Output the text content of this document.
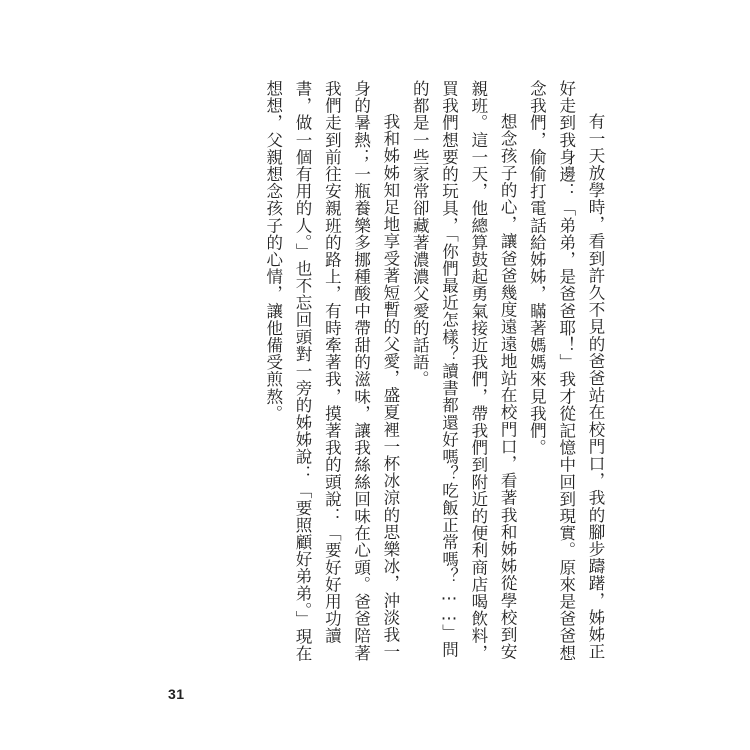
有一天放學時，看到許久不見的爸爸站在校門口，我的腳步躊躇，姊姊正好走到我身邊：「弟弟，是爸爸耶！」我才從記憶中回到現實。原來是爸爸想念我們，偷偷打電話給姊姊，瞞著媽媽來見我們。

想念孩子的心，讓爸爸幾度遠遠地站在校門口，看著我和姊姊從學校到安親班。這一天，他總算鼓起勇氣接近我們，帶我們到附近的便利商店喝飲料，買我們想要的玩具，「你們最近怎樣？讀書都還好嗎？吃飯正常嗎？……」問的都是一些家常卻藏著濃濃父愛的話語。

我和姊姊知足地享受著短暫的父愛，盛夏裡一杯冰涼的思樂冰，沖淡我一身的暑熱；一瓶養樂多挪種酸中帶甜的滋味，讓我絲絲回味在心頭。爸爸陪著我們走到前往安親班的路上，有時牽著我，摸著我的頭說：「要好好用功讀書，做一個有用的人。」也不忘回頭對一旁的姊姊說：「要照顧好弟弟。」現在想想，父親想念孩子的心情，讓他備受煎熬。

31
